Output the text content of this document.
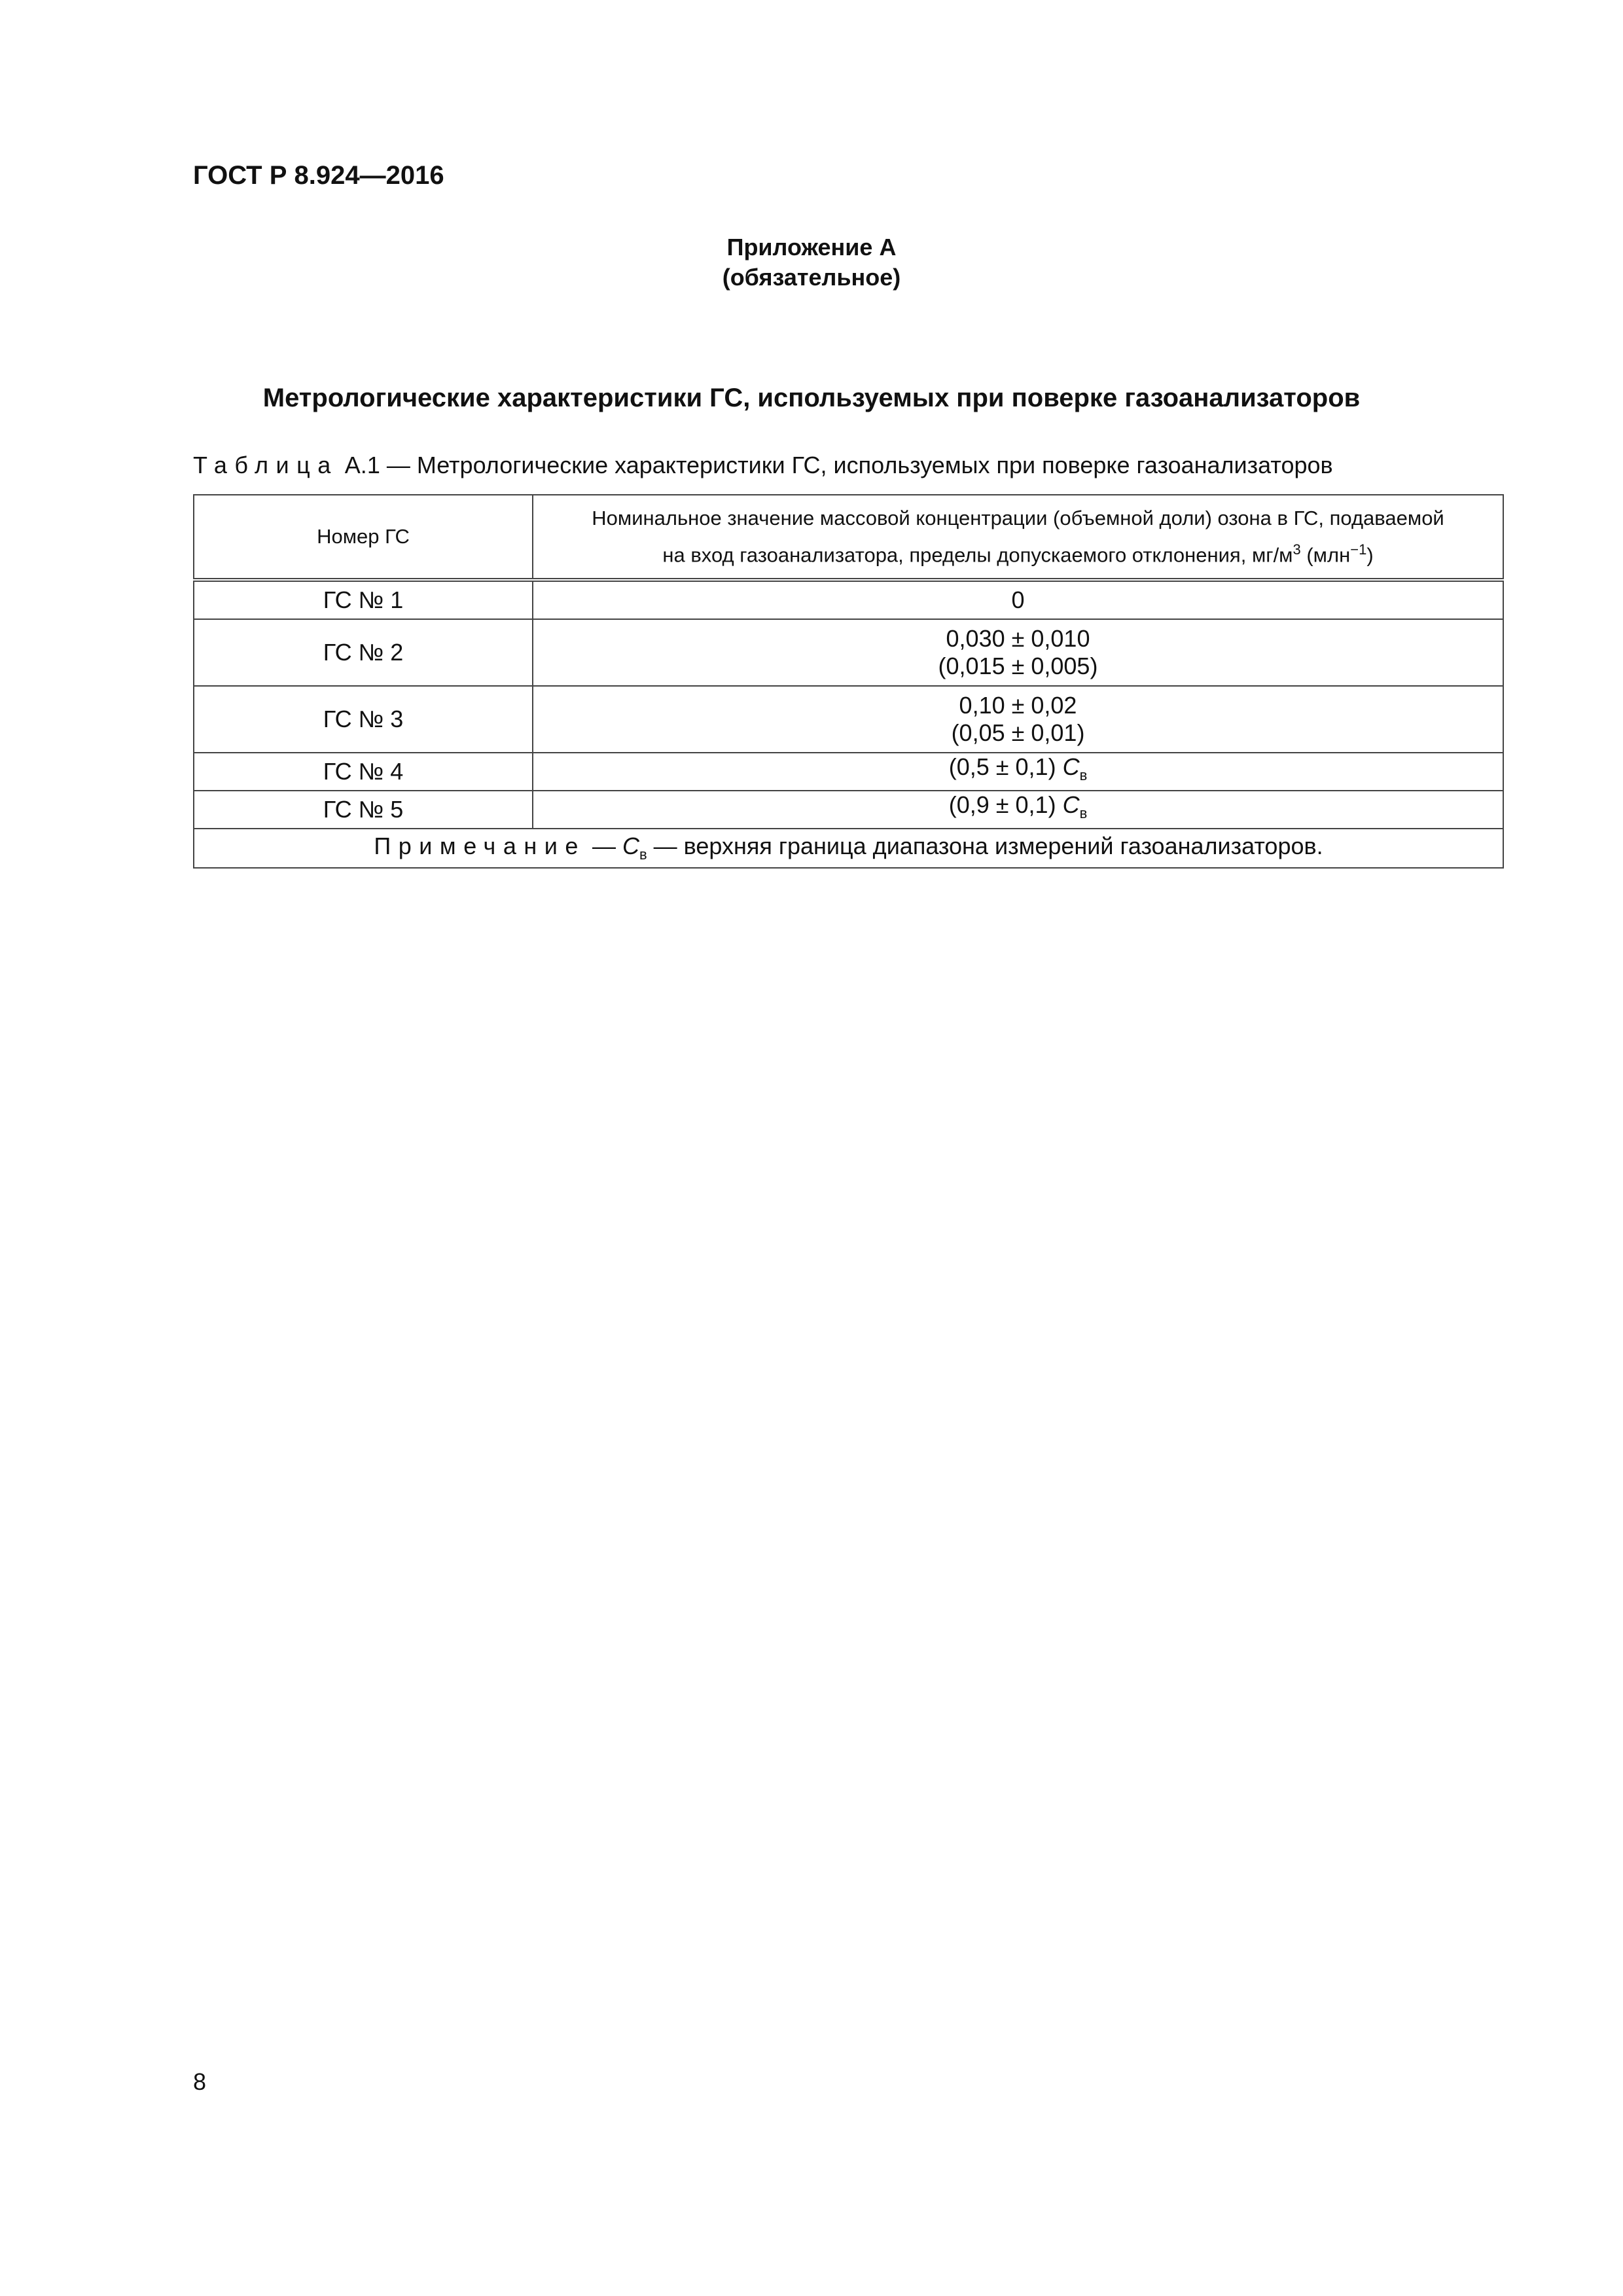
ГОСТ Р 8.924—2016
Приложение А
(обязательное)
Метрологические характеристики ГС, используемых при поверке газоанализаторов
Таблица А.1 — Метрологические характеристики ГС, используемых при поверке газоанализаторов
Номер ГС	Номинальное значение массовой концентрации (объемной доли) озона в ГС, подаваемой
на вход газоанализатора, пределы допускаемого отклонения, $мг/м^3$ (млн$^{-1}$)

ГС № 1	0
ГС № 2	0,030 ± 0,010
(0,015 ± 0,005)

ГС № 3	0,10 ± 0,02
(0,05 ± 0,01)

ГС № 4	(0,5 ± 0,1) $C_в$
ГС № 5	(0,9 ± 0,1) $C_в$
Примечание — $C_в$ — верхняя граница диапазона измерений газоанализаторов.	
8
